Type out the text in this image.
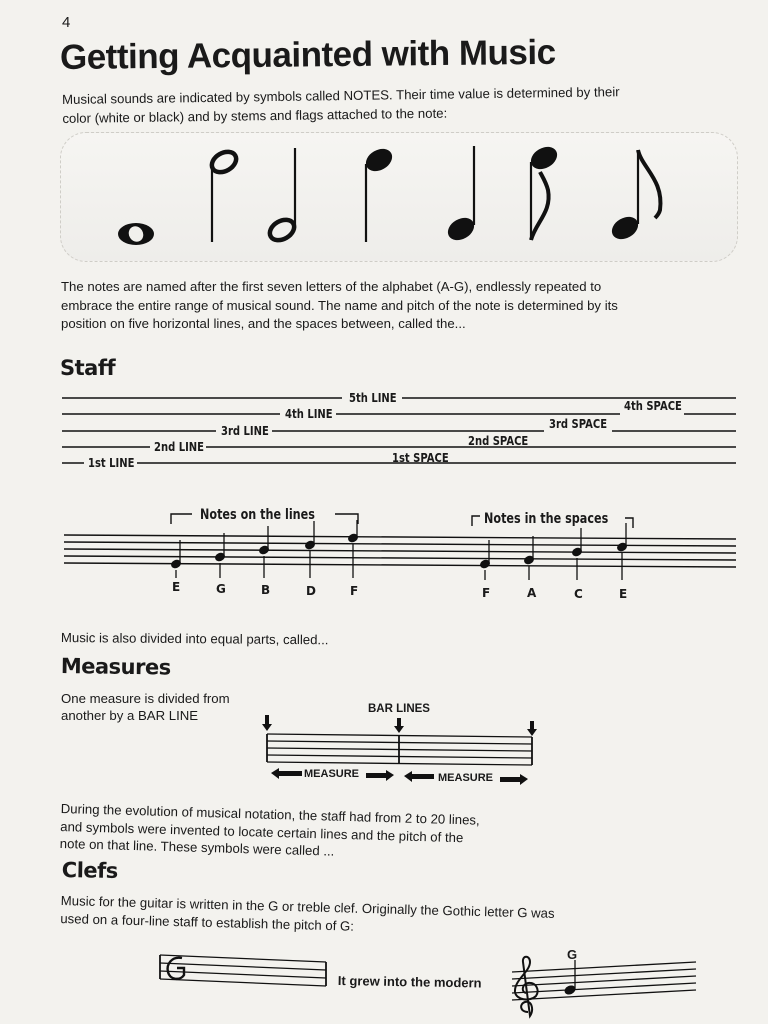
4
Getting Acquainted with Music
Musical sounds are indicated by symbols called NOTES. Their time value is determined by their color (white or black) and by stems and flags attached to the note:
The notes are named after the first seven letters of the alphabet (A-G), endlessly repeated to embrace the entire range of musical sound. The name and pitch of the note is determined by its position on five horizontal lines, and the spaces between, called the...
Staff
5th LINE
4th LINE
3rd LINE
2nd LINE
1st LINE
4th SPACE
3rd SPACE
2nd SPACE
1st SPACE
Notes on the lines	Notes in the spaces
E	G	B	D	F	F	A	C	E
Music is also divided into equal parts, called...
Measures
One measure is divided from another by a BAR LINE	BAR LINES
MEASURE	MEASURE
During the evolution of musical notation, the staff had from 2 to 20 lines, and symbols were invented to locate certain lines and the pitch of the note on that line. These symbols were called ...
Clefs
Music for the guitar is written in the G or treble clef. Originally the Gothic letter G was used on a four-line staff to establish the pitch of G:
It grew into the modern
G
